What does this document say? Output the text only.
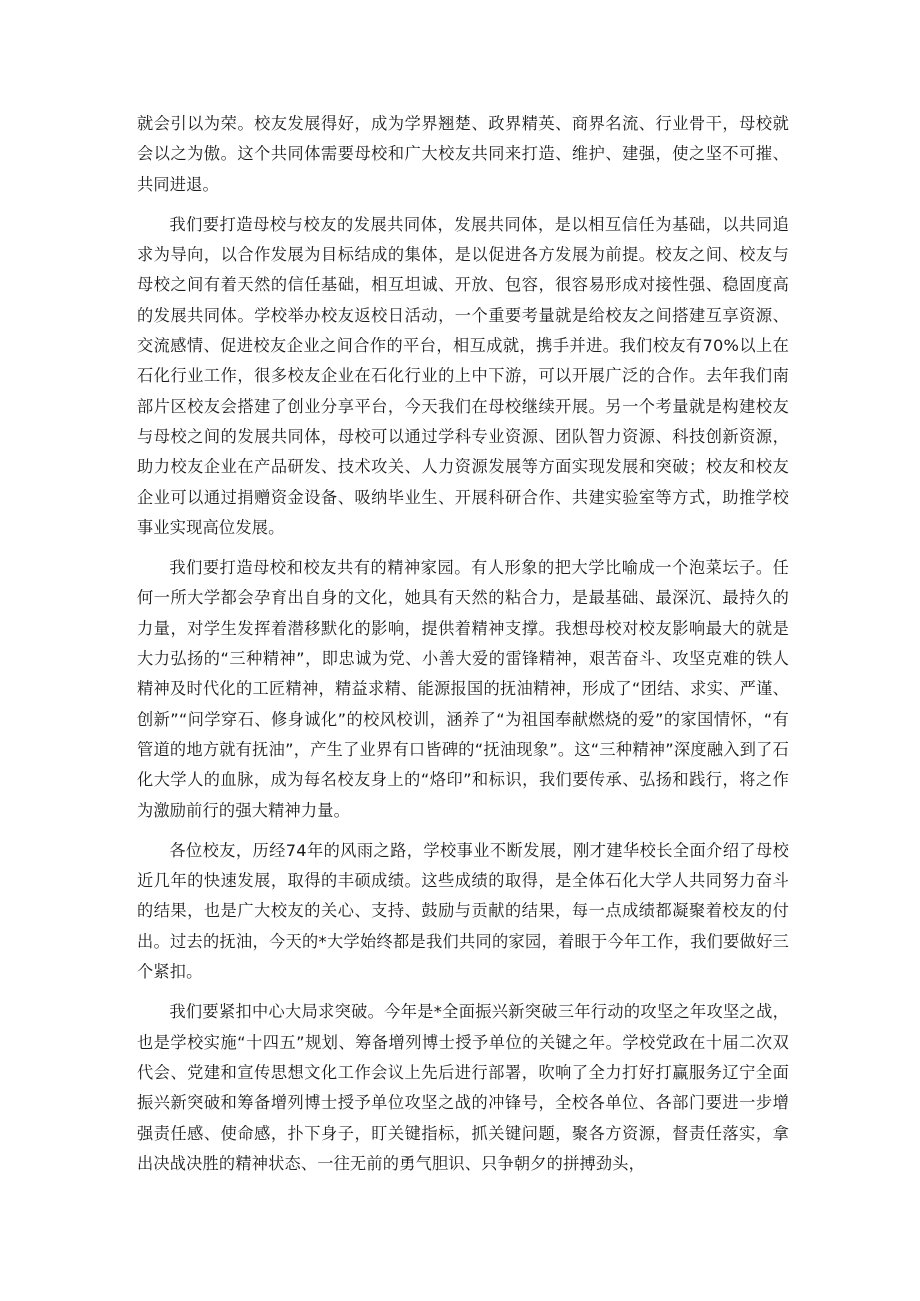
就会引以为荣。校友发展得好，成为学界翘楚、政界精英、商界名流、行业骨干，母校就会以之为傲。这个共同体需要母校和广大校友共同来打造、维护、建强，使之坚不可摧、共同进退。

我们要打造母校与校友的发展共同体，发展共同体，是以相互信任为基础，以共同追求为导向，以合作发展为目标结成的集体，是以促进各方发展为前提。校友之间、校友与母校之间有着天然的信任基础，相互坦诚、开放、包容，很容易形成对接性强、稳固度高的发展共同体。学校举办校友返校日活动，一个重要考量就是给校友之间搭建互享资源、交流感情、促进校友企业之间合作的平台，相互成就，携手并进。我们校友有70%以上在石化行业工作，很多校友企业在石化行业的上中下游，可以开展广泛的合作。去年我们南部片区校友会搭建了创业分享平台，今天我们在母校继续开展。另一个考量就是构建校友与母校之间的发展共同体，母校可以通过学科专业资源、团队智力资源、科技创新资源，助力校友企业在产品研发、技术攻关、人力资源发展等方面实现发展和突破；校友和校友企业可以通过捐赠资金设备、吸纳毕业生、开展科研合作、共建实验室等方式，助推学校事业实现高位发展。

我们要打造母校和校友共有的精神家园。有人形象的把大学比喻成一个泡菜坛子。任何一所大学都会孕育出自身的文化，她具有天然的粘合力，是最基础、最深沉、最持久的力量，对学生发挥着潜移默化的影响，提供着精神支撑。我想母校对校友影响最大的就是大力弘扬的“三种精神”，即忠诚为党、小善大爱的雷锋精神，艰苦奋斗、攻坚克难的铁人精神及时代化的工匠精神，精益求精、能源报国的抚油精神，形成了“团结、求实、严谨、创新”“问学穿石、修身诚化”的校风校训，涵养了“为祖国奉献燃烧的爱”的家国情怀，“有管道的地方就有抚油”，产生了业界有口皆碑的“抚油现象”。这“三种精神”深度融入到了石化大学人的血脉，成为每名校友身上的“烙印”和标识，我们要传承、弘扬和践行，将之作为激励前行的强大精神力量。

各位校友，历经74年的风雨之路，学校事业不断发展，刚才建华校长全面介绍了母校近几年的快速发展，取得的丰硕成绩。这些成绩的取得，是全体石化大学人共同努力奋斗的结果，也是广大校友的关心、支持、鼓励与贡献的结果，每一点成绩都凝聚着校友的付出。过去的抚油，今天的*大学始终都是我们共同的家园，着眼于今年工作，我们要做好三个紧扣。

我们要紧扣中心大局求突破。今年是*全面振兴新突破三年行动的攻坚之年攻坚之战，也是学校实施“十四五”规划、筹备增列博士授予单位的关键之年。学校党政在十届二次双代会、党建和宣传思想文化工作会议上先后进行部署，吹响了全力打好打赢服务辽宁全面振兴新突破和筹备增列博士授予单位攻坚之战的冲锋号，全校各单位、各部门要进一步增强责任感、使命感，扑下身子，盯关键指标，抓关键问题，聚各方资源，督责任落实，拿出决战决胜的精神状态、一往无前的勇气胆识、只争朝夕的拼搏劲头，
